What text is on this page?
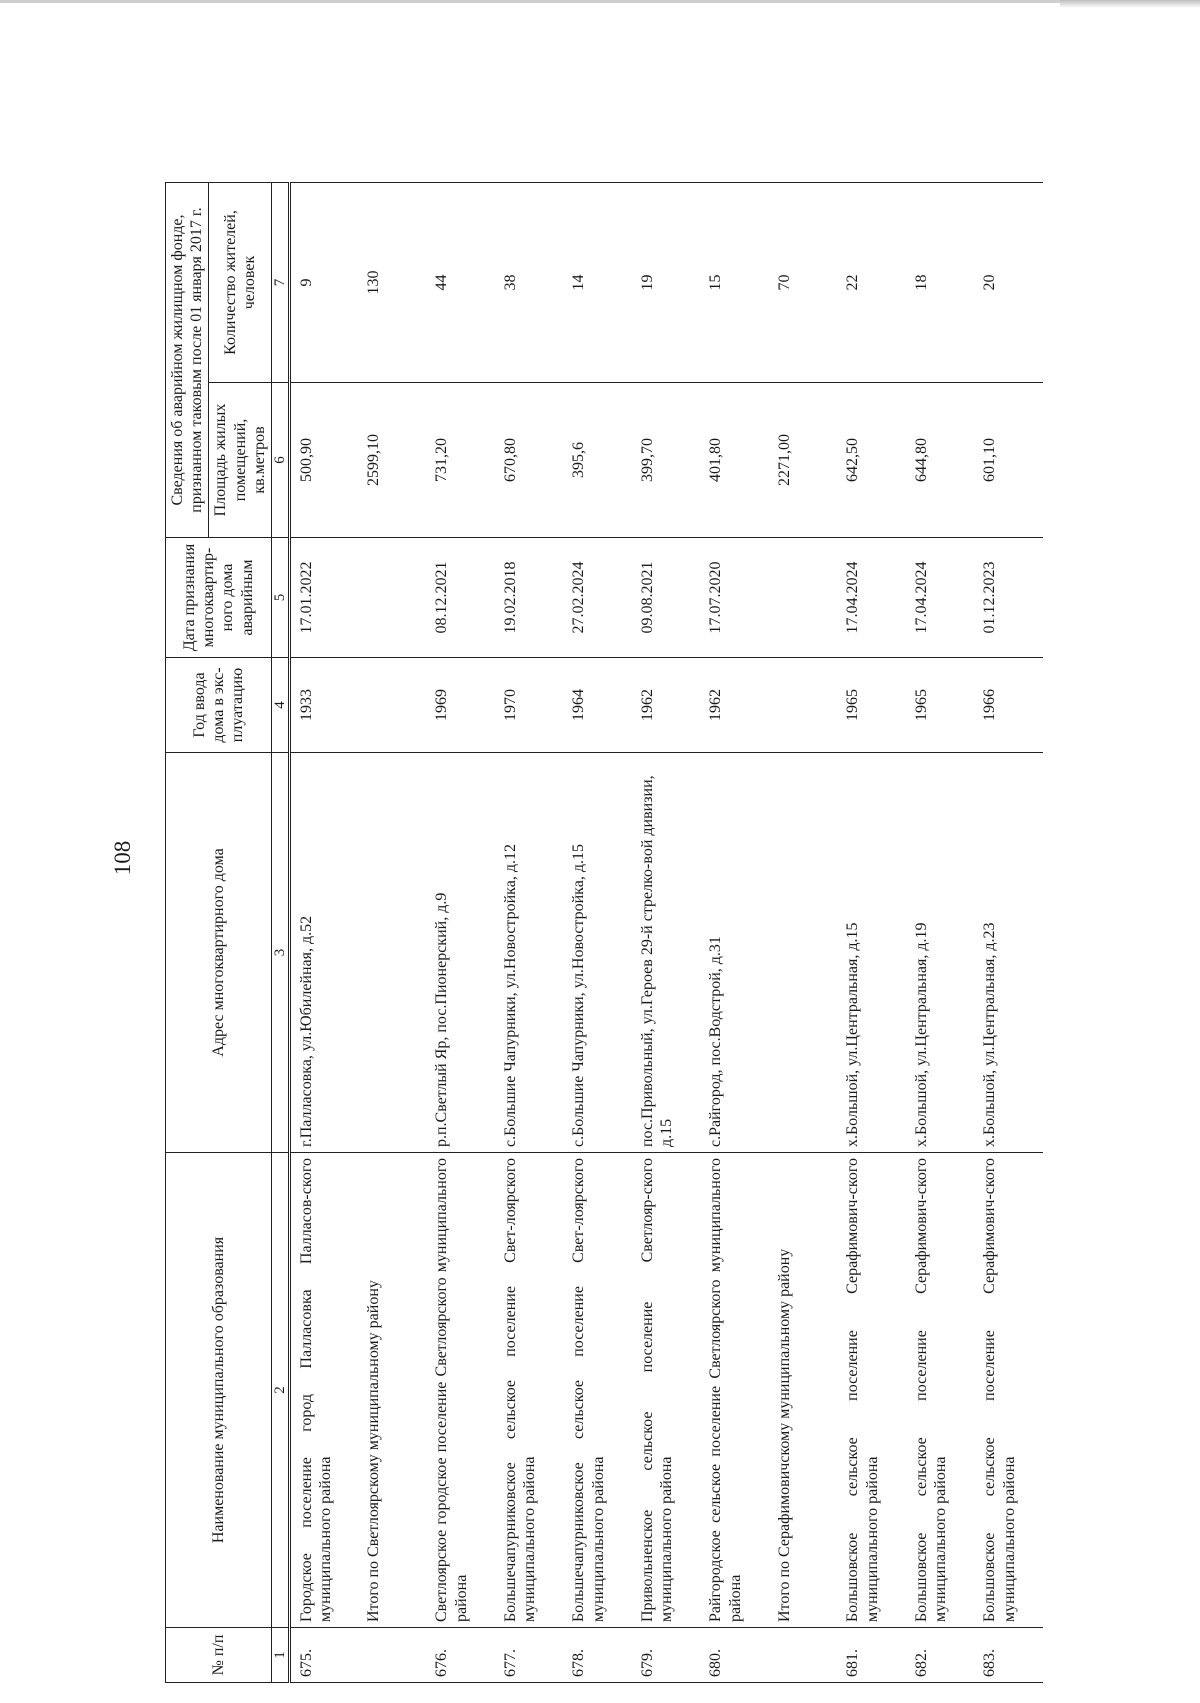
108
№ п/п	Наименование муниципального образования	Адрес многоквартирного дома	Год ввода дома в экс-плуатацию	Дата признания многоквартир-ного дома аварийным	Сведения об аварийном жилищном фонде, признанном таковым после 01 января 2017 г.	
					Площадь жилых помещений, кв.метров	Количество жителей, человек
1	2	3	4	5	6	7
675.	Городское поселение город Палласовка Палласов-ского муниципального района	г.Палласовка, ул.Юбилейная, д.52	1933	17.01.2022	500,90	9
	Итого по Светлоярскому муниципальному району				2599,10	130
676.	Светлоярское городское поселение Светлоярского муниципального района	р.п.Светлый Яр, пос.Пионерский, д.9	1969	08.12.2021	731,20	44
677.	Большечапурниковское сельское поселение Свет-лоярского муниципального района	с.Большие Чапурники, ул.Новостройка, д.12	1970	19.02.2018	670,80	38
678.	Большечапурниковское сельское поселение Свет-лоярского муниципального района	с.Большие Чапурники, ул.Новостройка, д.15	1964	27.02.2024	395,6	14
679.	Привольненское сельское поселение Светлояр-ского муниципального района	пос.Привольный, ул.Героев 29-й стрелко-вой дивизии, д.15	1962	09.08.2021	399,70	19
680.	Райгородское сельское поселение Светлоярского муниципального района	с.Райгород, пос.Водстрой, д.31	1962	17.07.2020	401,80	15
	Итого по Серафимовичскому муниципальному району				2271,00	70
681.	Большовское сельское поселение Серафимович-ского муниципального района	х.Большой, ул.Центральная, д.15	1965	17.04.2024	642,50	22
682.	Большовское сельское поселение Серафимович-ского муниципального района	х.Большой, ул.Центральная, д.19	1965	17.04.2024	644,80	18
683.	Большовское сельское поселение Серафимович-ского муниципального района	х.Большой, ул.Центральная, д.23	1966	01.12.2023	601,10	20
